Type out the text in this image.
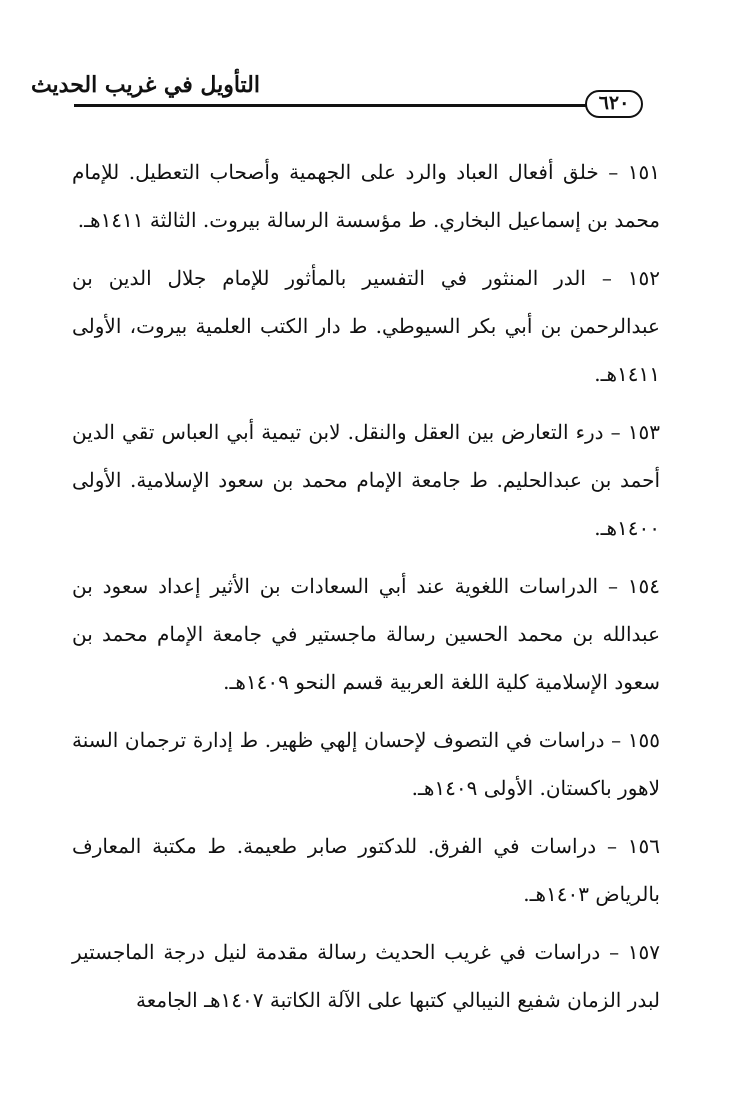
التأويل في غريب الحديث
٦٢٠

١٥١ – خلق أفعال العباد والرد على الجهمية وأصحاب التعطيل. للإمام محمد بن إسماعيل البخاري. ط مؤسسة الرسالة بيروت. الثالثة ١٤١١هـ.

١٥٢ – الدر المنثور في التفسير بالمأثور للإمام جلال الدين بن عبدالرحمن بن أبي بكر السيوطي. ط دار الكتب العلمية بيروت، الأولى ١٤١١هـ.

١٥٣ – درء التعارض بين العقل والنقل. لابن تيمية أبي العباس تقي الدين أحمد بن عبدالحليم. ط جامعة الإمام محمد بن سعود الإسلامية. الأولى ١٤٠٠هـ.

١٥٤ – الدراسات اللغوية عند أبي السعادات بن الأثير إعداد سعود بن عبدالله بن محمد الحسين رسالة ماجستير في جامعة الإمام محمد بن سعود الإسلامية كلية اللغة العربية قسم النحو ١٤٠٩هـ.

١٥٥ – دراسات في التصوف لإحسان إلهي ظهير. ط إدارة ترجمان السنة لاهور باكستان. الأولى ١٤٠٩هـ.

١٥٦ – دراسات في الفرق. للدكتور صابر طعيمة. ط مكتبة المعارف بالرياض ١٤٠٣هـ.

١٥٧ – دراسات في غريب الحديث رسالة مقدمة لنيل درجة الماجستير لبدر الزمان شفيع النيبالي كتبها على الآلة الكاتبة ١٤٠٧هـ الجامعة
